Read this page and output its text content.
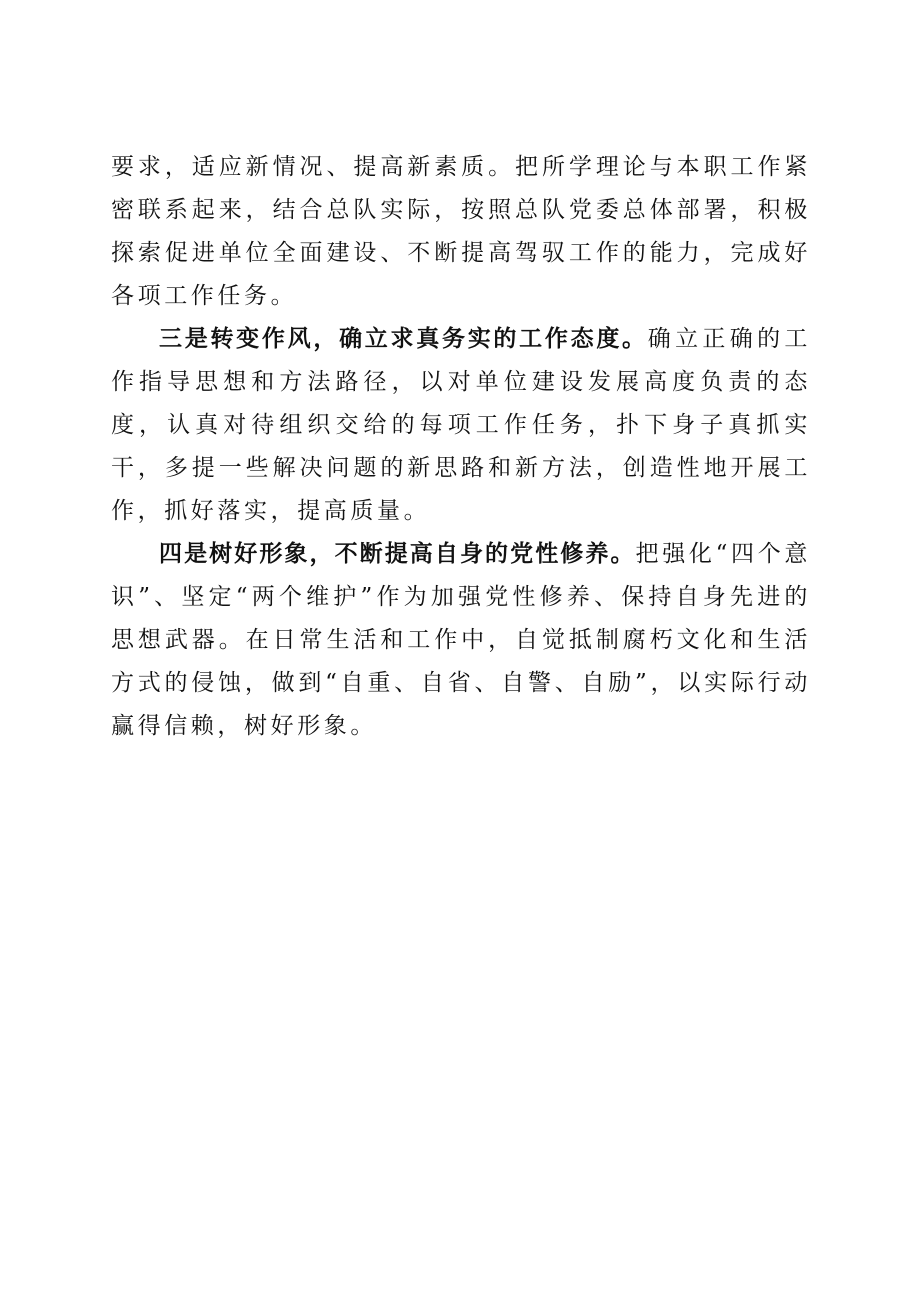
要求，适应新情况、提高新素质。把所学理论与本职工作紧密联系起来，结合总队实际，按照总队党委总体部署，积极探索促进单位全面建设、不断提高驾驭工作的能力，完成好各项工作任务。

三是转变作风，确立求真务实的工作态度。确立正确的工作指导思想和方法路径，以对单位建设发展高度负责的态度，认真对待组织交给的每项工作任务，扑下身子真抓实干，多提一些解决问题的新思路和新方法，创造性地开展工作，抓好落实，提高质量。

四是树好形象，不断提高自身的党性修养。把强化“四个意识”、坚定“两个维护”作为加强党性修养、保持自身先进的思想武器。在日常生活和工作中，自觉抵制腐朽文化和生活方式的侵蚀，做到“自重、自省、自警、自励”，以实际行动赢得信赖，树好形象。
